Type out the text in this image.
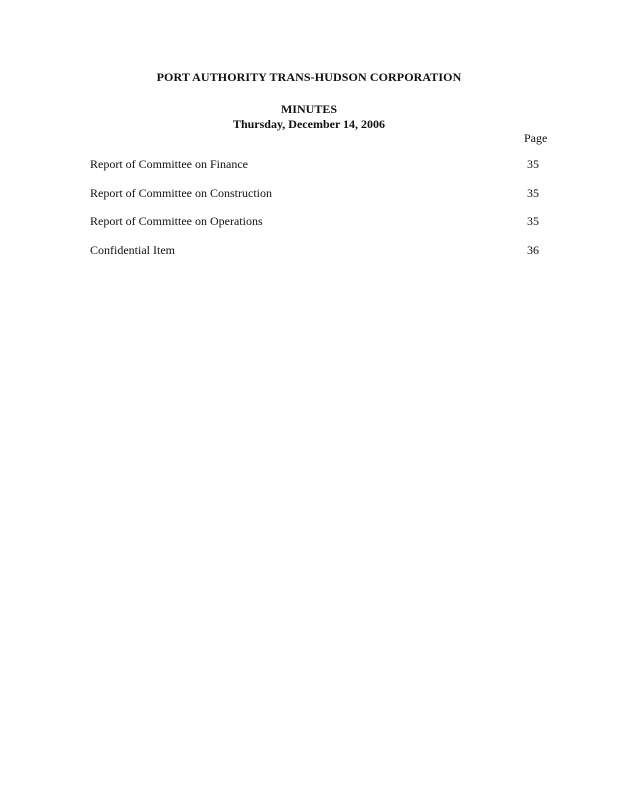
PORT AUTHORITY TRANS-HUDSON CORPORATION
MINUTES
Thursday, December 14, 2006
Page
Report of Committee on Finance	35
Report of Committee on Construction	35
Report of Committee on Operations	35
Confidential Item	36
